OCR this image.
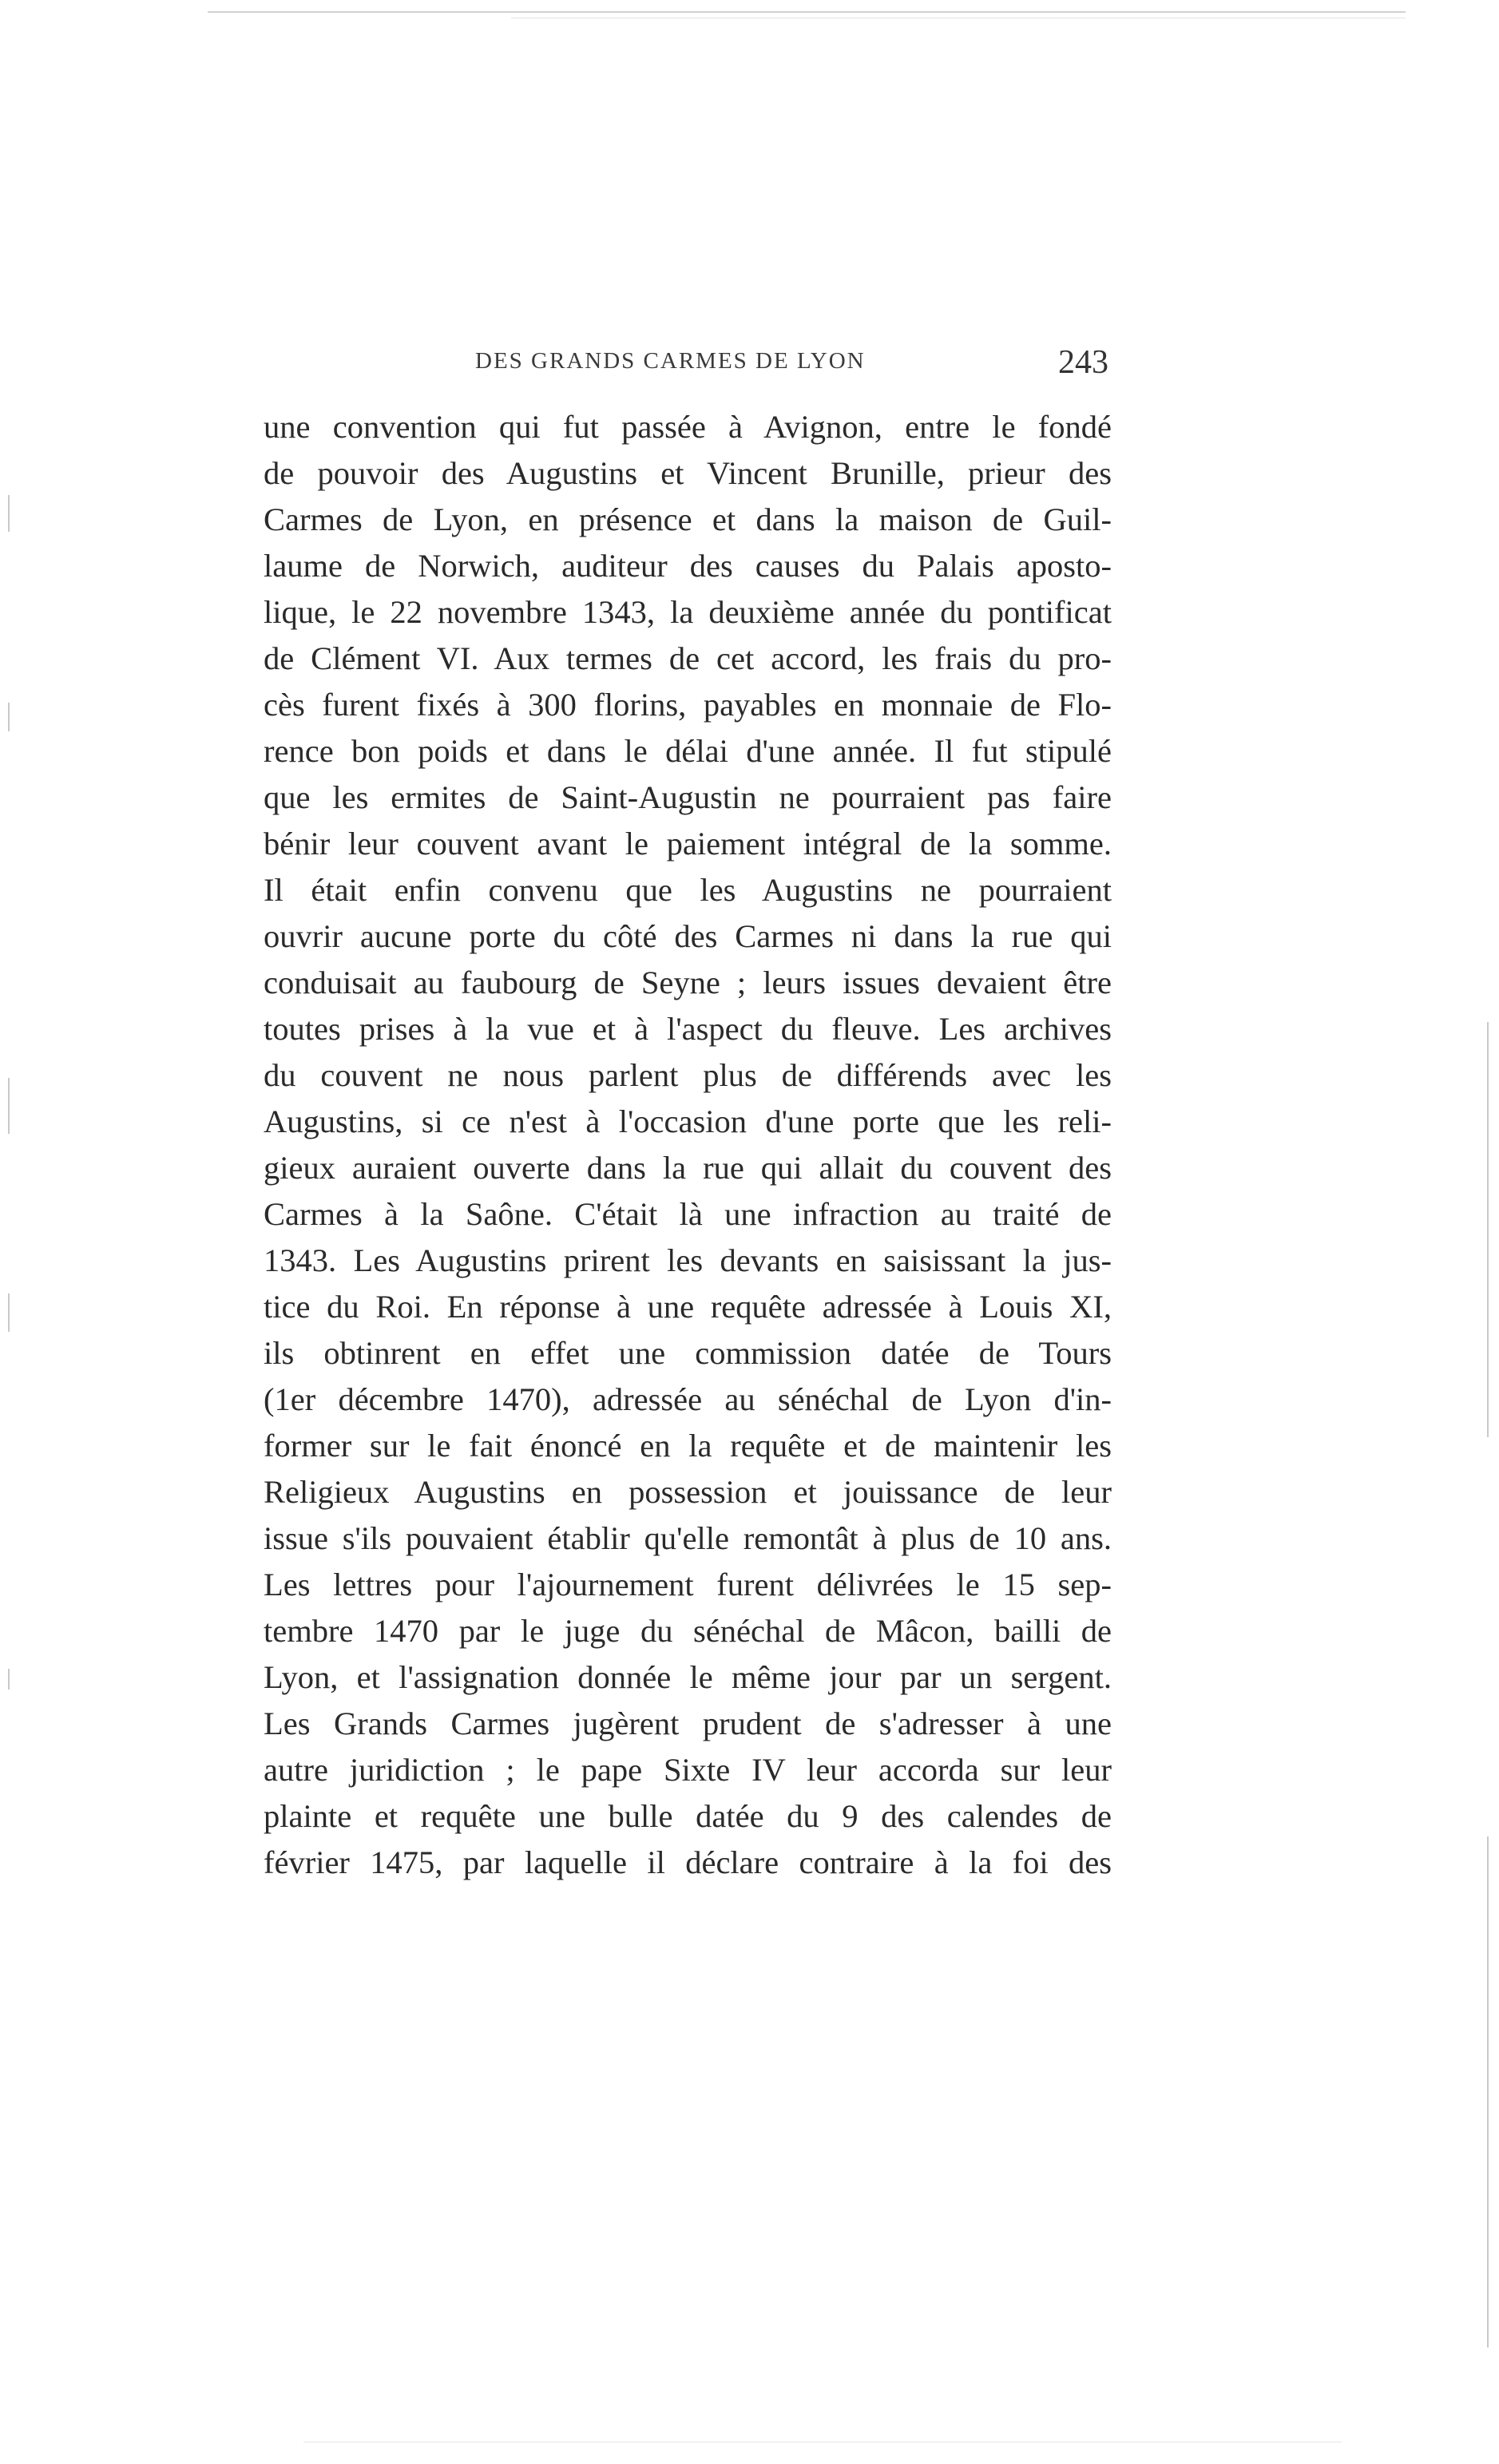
DES GRANDS CARMES DE LYON	243
une convention qui fut passée à Avignon, entre le fondé
de pouvoir des Augustins et Vincent Brunille, prieur des
Carmes de Lyon, en présence et dans la maison de Guil-
laume de Norwich, auditeur des causes du Palais aposto-
lique, le 22 novembre 1343, la deuxième année du pontificat
de Clément VI. Aux termes de cet accord, les frais du pro-
cès furent fixés à 300 florins, payables en monnaie de Flo-
rence bon poids et dans le délai d'une année. Il fut stipulé
que les ermites de Saint-Augustin ne pourraient pas faire
bénir leur couvent avant le paiement intégral de la somme.
Il était enfin convenu que les Augustins ne pourraient
ouvrir aucune porte du côté des Carmes ni dans la rue qui
conduisait au faubourg de Seyne ; leurs issues devaient être
toutes prises à la vue et à l'aspect du fleuve. Les archives
du couvent ne nous parlent plus de différends avec les
Augustins, si ce n'est à l'occasion d'une porte que les reli-
gieux auraient ouverte dans la rue qui allait du couvent des
Carmes à la Saône. C'était là une infraction au traité de
1343. Les Augustins prirent les devants en saisissant la jus-
tice du Roi. En réponse à une requête adressée à Louis XI,
ils obtinrent en effet une commission datée de Tours
(1er décembre 1470), adressée au sénéchal de Lyon d'in-
former sur le fait énoncé en la requête et de maintenir les
Religieux Augustins en possession et jouissance de leur
issue s'ils pouvaient établir qu'elle remontât à plus de 10 ans.
Les lettres pour l'ajournement furent délivrées le 15 sep-
tembre 1470 par le juge du sénéchal de Mâcon, bailli de
Lyon, et l'assignation donnée le même jour par un sergent.
Les Grands Carmes jugèrent prudent de s'adresser à une
autre juridiction ; le pape Sixte IV leur accorda sur leur
plainte et requête une bulle datée du 9 des calendes de
février 1475, par laquelle il déclare contraire à la foi des
